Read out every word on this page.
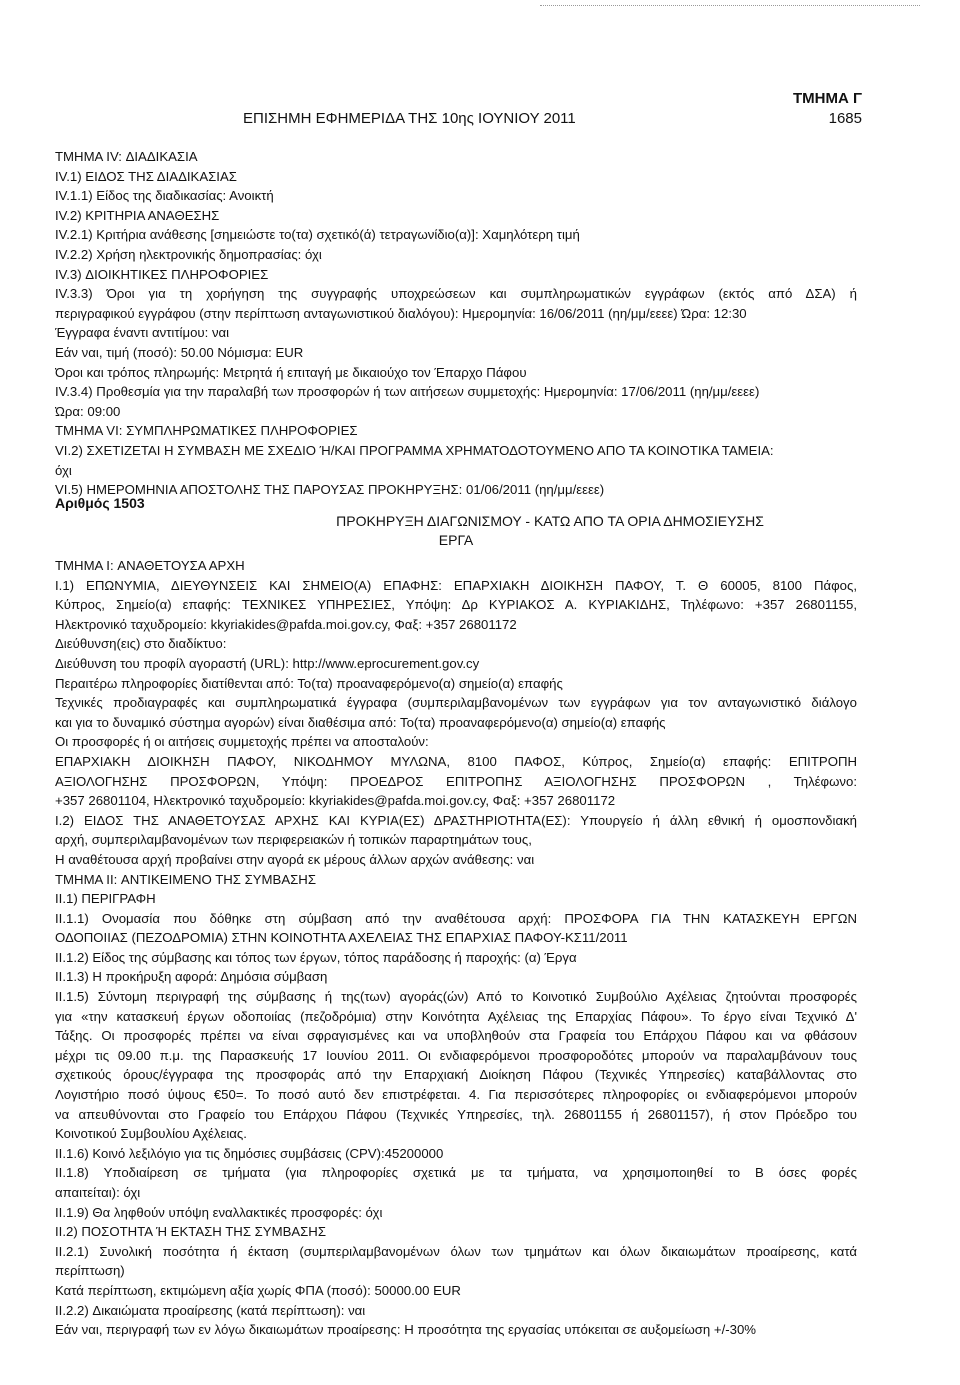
ΕΠΙΣΗΜΗ ΕΦΗΜΕΡΙΔΑ ΤΗΣ 10ης ΙΟΥΝΙΟΥ 2011
ΤΜΗΜΑ Γ
1685
ΤΜΗΜΑ IV: ΔΙΑΔΙΚΑΣΙΑ
IV.1) ΕΙΔΟΣ ΤΗΣ ΔΙΑΔΙΚΑΣΙΑΣ
IV.1.1) Είδος της διαδικασίας: Ανοικτή
IV.2) ΚΡΙΤΗΡΙΑ ΑΝΑΘΕΣΗΣ
IV.2.1) Κριτήρια ανάθεσης [σημειώστε το(τα) σχετικό(ά) τετραγωνίδιο(α)]: Χαμηλότερη τιμή
IV.2.2) Χρήση ηλεκτρονικής δημοπρασίας: όχι
IV.3) ΔΙΟΙΚΗΤΙΚΕΣ ΠΛΗΡΟΦΟΡΙΕΣ
IV.3.3) Όροι για τη χορήγηση της συγγραφής υποχρεώσεων και συμπληρωματικών εγγράφων (εκτός από ΔΣΑ) ή
περιγραφικού εγγράφου (στην περίπτωση ανταγωνιστικού διαλόγου): Ημερομηνία: 16/06/2011 (ηη/μμ/εεεε) Ώρα: 12:30
Έγγραφα έναντι αντιτίμου: ναι
Εάν ναι, τιμή (ποσό): 50.00 Νόμισμα: EUR
Όροι και τρόπος πληρωμής: Μετρητά ή επιταγή με δικαιούχο τον Έπαρχο Πάφου
IV.3.4) Προθεσμία για την παραλαβή των προσφορών ή των αιτήσεων συμμετοχής: Ημερομηνία: 17/06/2011 (ηη/μμ/εεεε)
Ώρα: 09:00
ΤΜΗΜΑ VI: ΣΥΜΠΛΗΡΩΜΑΤΙΚΕΣ ΠΛΗΡΟΦΟΡΙΕΣ
VI.2) ΣΧΕΤΙΖΕΤΑΙ Η ΣΥΜΒΑΣΗ ΜΕ ΣΧΕΔΙΟ Ή/ΚΑΙ ΠΡΟΓΡΑΜΜΑ ΧΡΗΜΑΤΟΔΟΤΟΥΜΕΝΟ ΑΠΟ ΤΑ ΚΟΙΝΟΤΙΚΑ ΤΑΜΕΙΑ:
όχι
VI.5) ΗΜΕΡΟΜΗΝΙΑ ΑΠΟΣΤΟΛΗΣ ΤΗΣ ΠΑΡΟΥΣΑΣ ΠΡΟΚΗΡΥΞΗΣ: 01/06/2011 (ηη/μμ/εεεε)
Αριθμός 1503
ΠΡΟΚΗΡΥΞΗ ΔΙΑΓΩΝΙΣΜΟΥ - ΚΑΤΩ ΑΠΟ ΤΑ ΟΡΙΑ ΔΗΜΟΣΙΕΥΣΗΣ
ΕΡΓΑ
ΤΜΗΜΑ I: ΑΝΑΘΕΤΟΥΣΑ ΑΡΧΗ
I.1) ΕΠΩΝΥΜΙΑ, ΔΙΕΥΘΥΝΣΕΙΣ ΚΑΙ ΣΗΜΕΙΟ(Α) ΕΠΑΦΗΣ: ΕΠΑΡΧΙΑΚΗ ΔΙΟΙΚΗΣΗ ΠΑΦΟΥ, Τ. Θ 60005, 8100 Πάφος,
Κύπρος, Σημείο(α) επαφής: ΤΕΧΝΙΚΕΣ ΥΠΗΡΕΣΙΕΣ, Υπόψη: Δρ ΚΥΡΙΑΚΟΣ Α. ΚΥΡΙΑΚΙΔΗΣ, Τηλέφωνο: +357 26801155,
Ηλεκτρονικό ταχυδρομείο: kkyriakides@pafda.moi.gov.cy, Φαξ: +357 26801172
Διεύθυνση(εις) στο διαδίκτυο:
Διεύθυνση του προφίλ αγοραστή (URL): http://www.eprocurement.gov.cy
Περαιτέρω πληροφορίες διατίθενται από: Το(τα) προαναφερόμενο(α) σημείο(α) επαφής
Τεχνικές προδιαγραφές και συμπληρωματικά έγγραφα (συμπεριλαμβανομένων των εγγράφων για τον ανταγωνιστικό διάλογο
και για το δυναμικό σύστημα αγορών) είναι διαθέσιμα από: Το(τα) προαναφερόμενο(α) σημείο(α) επαφής
Οι προσφορές ή οι αιτήσεις συμμετοχής πρέπει να αποσταλούν:
ΕΠΑΡΧΙΑΚΗ ΔΙΟΙΚΗΣΗ ΠΑΦΟΥ, ΝΙΚΟΔΗΜΟΥ ΜΥΛΩΝΑ, 8100 ΠΑΦΟΣ, Κύπρος, Σημείο(α) επαφής: ΕΠΙΤΡΟΠΗ
ΑΞΙΟΛΟΓΗΣΗΣ ΠΡΟΣΦΟΡΩΝ, Υπόψη: ΠΡΟΕΔΡΟΣ ΕΠΙΤΡΟΠΗΣ ΑΞΙΟΛΟΓΗΣΗΣ ΠΡΟΣΦΟΡΩΝ , Τηλέφωνο:
+357 26801104, Ηλεκτρονικό ταχυδρομείο: kkyriakides@pafda.moi.gov.cy, Φαξ: +357 26801172
I.2) ΕΙΔΟΣ ΤΗΣ ΑΝΑΘΕΤΟΥΣΑΣ ΑΡΧΗΣ ΚΑΙ ΚΥΡΙΑ(ΕΣ) ΔΡΑΣΤΗΡΙΟΤΗΤΑ(ΕΣ): Υπουργείο ή άλλη εθνική ή ομοσπονδιακή
αρχή, συμπεριλαμβανομένων των περιφερειακών ή τοπικών παραρτημάτων τους,
Η αναθέτουσα αρχή προβαίνει στην αγορά εκ μέρους άλλων αρχών ανάθεσης: ναι
ΤΜΗΜΑ II: ΑΝΤΙΚΕΙΜΕΝΟ ΤΗΣ ΣΥΜΒΑΣΗΣ
II.1) ΠΕΡΙΓΡΑΦΗ
II.1.1) Ονομασία που δόθηκε στη σύμβαση από την αναθέτουσα αρχή: ΠΡΟΣΦΟΡΑ ΓΙΑ ΤΗΝ ΚΑΤΑΣΚΕΥΗ ΕΡΓΩΝ
ΟΔΟΠΟΙΙΑΣ (ΠΕΖΟΔΡΟΜΙΑ) ΣΤΗΝ ΚΟΙΝΟΤΗΤΑ ΑΧΕΛΕΙΑΣ ΤΗΣ ΕΠΑΡΧΙΑΣ ΠΑΦΟΥ-ΚΣ11/2011
II.1.2) Είδος της σύμβασης και τόπος των έργων, τόπος παράδοσης ή παροχής: (α) Έργα
II.1.3) Η προκήρυξη αφορά: Δημόσια σύμβαση
II.1.5) Σύντομη περιγραφή της σύμβασης ή της(των) αγοράς(ών) Από το Κοινοτικό Συμβούλιο Αχέλειας ζητούνται προσφορές
για «την κατασκευή έργων οδοποιίας (πεζοδρόμια) στην Κοινότητα Αχέλειας της Επαρχίας Πάφου». Το έργο είναι Τεχνικό Δ'
Τάξης. Οι προσφορές πρέπει να είναι σφραγισμένες και να υποβληθούν στα Γραφεία του Επάρχου Πάφου και να φθάσουν
μέχρι τις 09.00 π.μ. της Παρασκευής 17 Ιουνίου 2011. Οι ενδιαφερόμενοι προσφοροδότες μπορούν να παραλαμβάνουν τους
σχετικούς όρους/έγγραφα της προσφοράς από την Επαρχιακή Διοίκηση Πάφου (Τεχνικές Υπηρεσίες) καταβάλλοντας στο
Λογιστήριο ποσό ύψους €50=. Το ποσό αυτό δεν επιστρέφεται. 4. Για περισσότερες πληροφορίες οι ενδιαφερόμενοι μπορούν
να απευθύνονται στο Γραφείο του Επάρχου Πάφου (Τεχνικές Υπηρεσίες, τηλ. 26801155 ή 26801157), ή στον Πρόεδρο του
Κοινοτικού Συμβουλίου Αχέλειας.
II.1.6) Κοινό λεξιλόγιο για τις δημόσιες συμβάσεις (CPV):45200000
II.1.8) Υποδιαίρεση σε τμήματα (για πληροφορίες σχετικά με τα τμήματα, να χρησιμοποιηθεί το Β όσες φορές
απαιτείται): όχι
II.1.9) Θα ληφθούν υπόψη εναλλακτικές προσφορές: όχι
II.2) ΠΟΣΟΤΗΤΑ Ή ΕΚΤΑΣΗ ΤΗΣ ΣΥΜΒΑΣΗΣ
II.2.1) Συνολική ποσότητα ή έκταση (συμπεριλαμβανομένων όλων των τμημάτων και όλων δικαιωμάτων προαίρεσης, κατά
περίπτωση)
Κατά περίπτωση, εκτιμώμενη αξία χωρίς ΦΠΑ (ποσό): 50000.00 EUR
II.2.2) Δικαιώματα προαίρεσης (κατά περίπτωση): ναι
Εάν ναι, περιγραφή των εν λόγω δικαιωμάτων προαίρεσης: Η προσότητα της εργασίας υπόκειται σε αυξομείωση +/-30%
